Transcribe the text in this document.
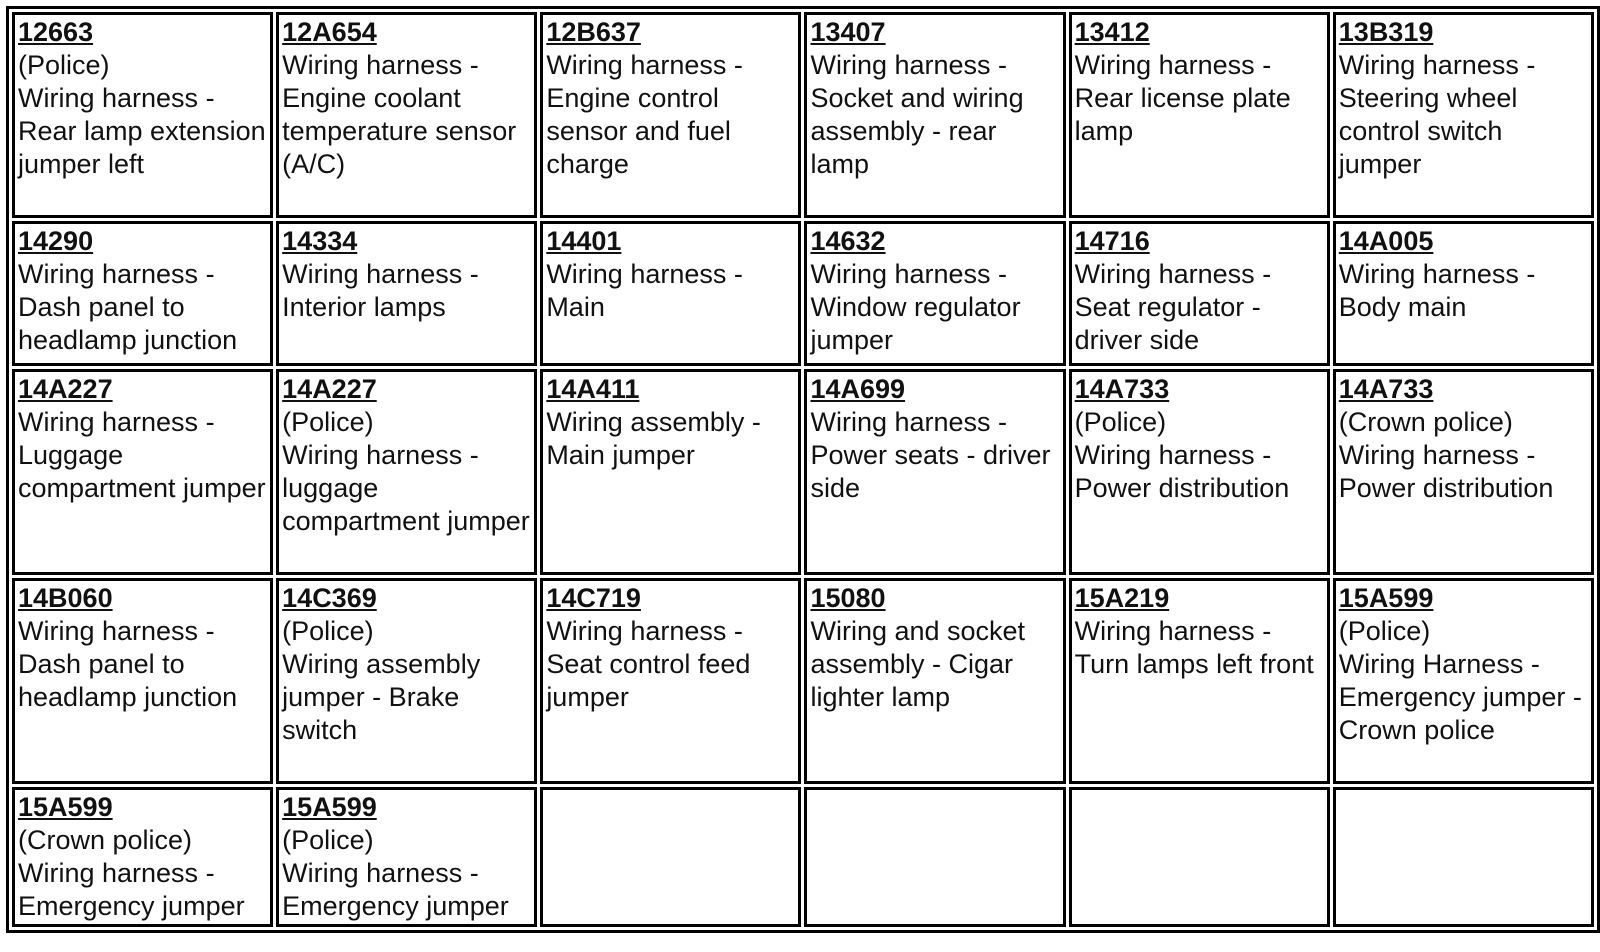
12663
(Police)
Wiring harness - Rear lamp extension jumper left	12A654
Wiring harness - Engine coolant temperature sensor (A/C)	12B637
Wiring harness - Engine control sensor and fuel charge	13407
Wiring harness - Socket and wiring assembly - rear lamp	13412
Wiring harness - Rear license plate lamp	13B319
Wiring harness - Steering wheel control switch jumper

14290
Wiring harness - Dash panel to headlamp junction	14334
Wiring harness - Interior lamps	14401
Wiring harness - Main	14632
Wiring harness - Window regulator jumper	14716
Wiring harness - Seat regulator - driver side	14A005
Wiring harness - Body main

14A227
Wiring harness - Luggage compartment jumper	14A227
(Police)
Wiring harness - luggage compartment jumper	14A411
Wiring assembly - Main jumper	14A699
Wiring harness - Power seats - driver side	14A733
(Police)
Wiring harness - Power distribution	14A733
(Crown police)
Wiring harness - Power distribution

14B060
Wiring harness - Dash panel to headlamp junction	14C369
(Police)
Wiring assembly jumper - Brake switch	14C719
Wiring harness - Seat control feed jumper	15080
Wiring and socket assembly - Cigar lighter lamp	15A219
Wiring harness - Turn lamps left front	15A599
(Police)
Wiring Harness - Emergency jumper - Crown police

15A599
(Crown police)
Wiring harness - Emergency jumper	15A599
(Police)
Wiring harness - Emergency jumper				
